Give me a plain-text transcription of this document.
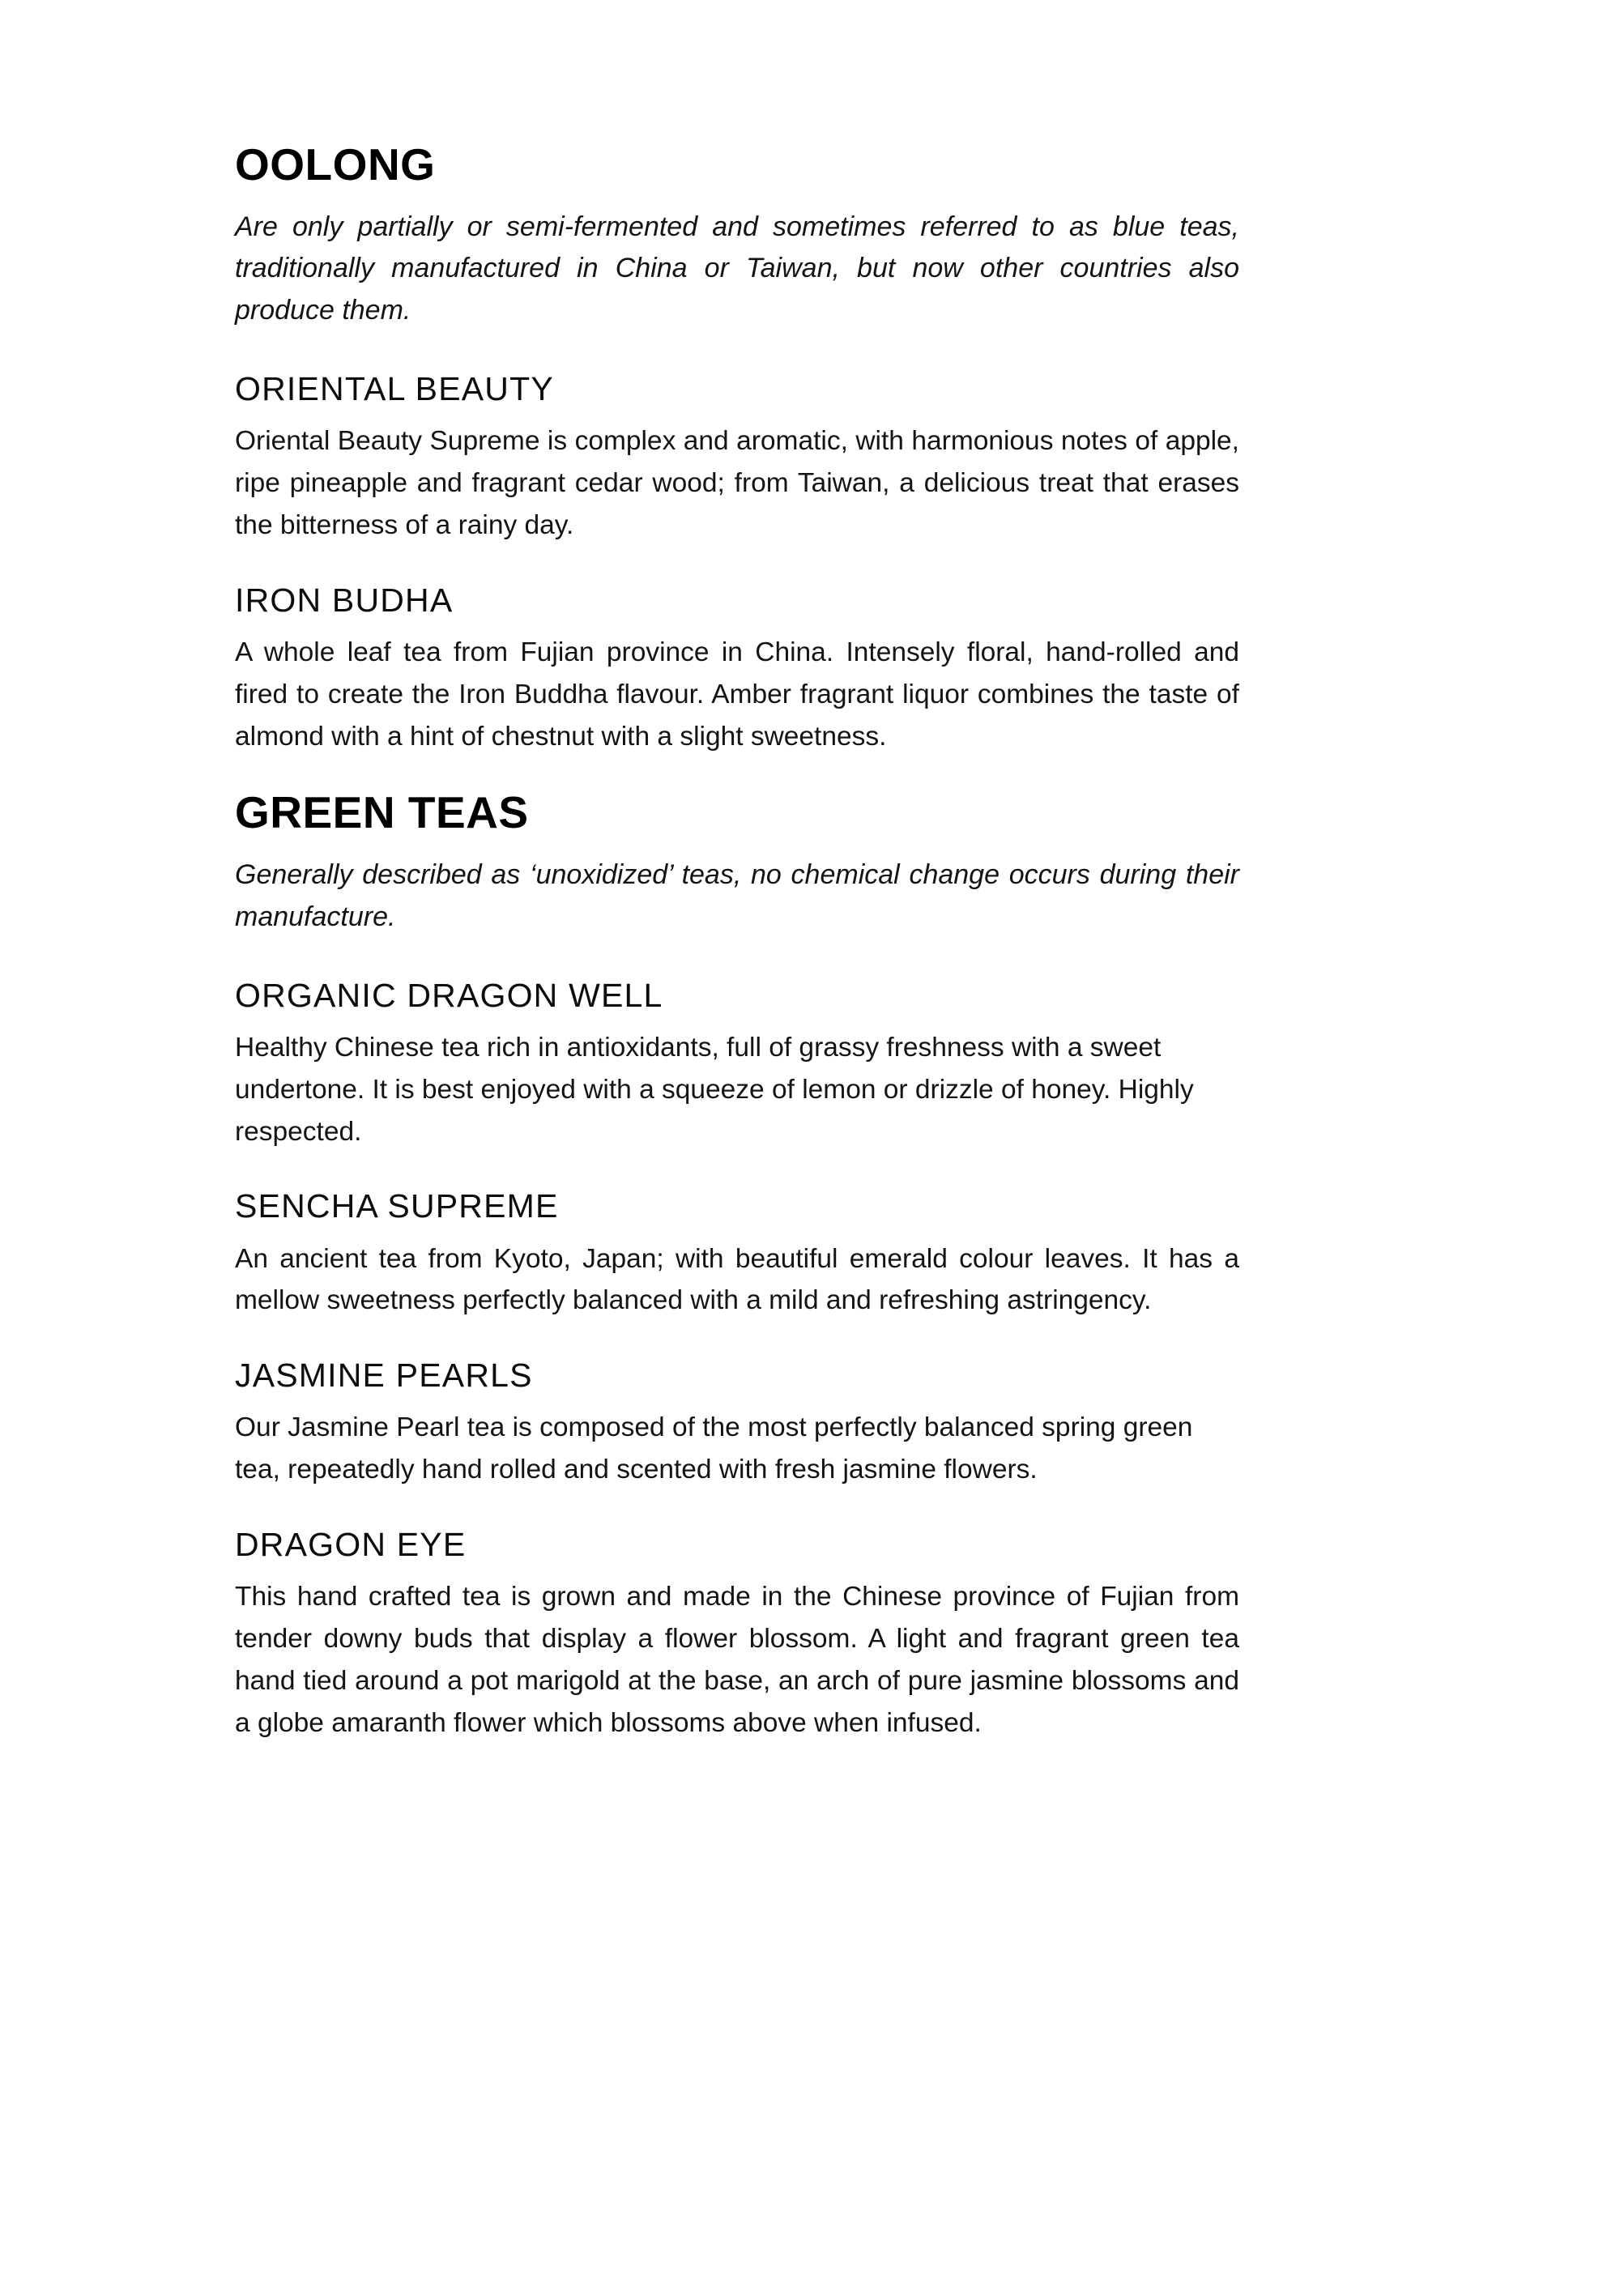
OOLONG

Are only partially or semi-fermented and sometimes referred to as blue teas, traditionally manufactured in China or Taiwan, but now other countries also produce them.

ORIENTAL BEAUTY

Oriental Beauty Supreme is complex and aromatic, with harmonious notes of apple, ripe pineapple and fragrant cedar wood; from Taiwan, a delicious treat that erases the bitterness of a rainy day.

IRON BUDHA

A whole leaf tea from Fujian province in China. Intensely floral, hand-rolled and fired to create the Iron Buddha flavour. Amber fragrant liquor combines the taste of almond with a hint of chestnut with a slight sweetness.

GREEN TEAS

Generally described as ‘unoxidized’ teas, no chemical change occurs during their manufacture.

ORGANIC DRAGON WELL

Healthy Chinese tea rich in antioxidants, full of grassy freshness with a sweet undertone. It is best enjoyed with a squeeze of lemon or drizzle of honey. Highly respected.

SENCHA SUPREME

An ancient tea from Kyoto, Japan; with beautiful emerald colour leaves. It has a mellow sweetness perfectly balanced with a mild and refreshing astringency.

JASMINE PEARLS

Our Jasmine Pearl tea is composed of the most perfectly balanced spring green tea, repeatedly hand rolled and scented with fresh jasmine flowers.

DRAGON EYE

This hand crafted tea is grown and made in the Chinese province of Fujian from tender downy buds that display a flower blossom. A light and fragrant green tea hand tied around a pot marigold at the base, an arch of pure jasmine blossoms and a globe amaranth flower which blossoms above when infused.
